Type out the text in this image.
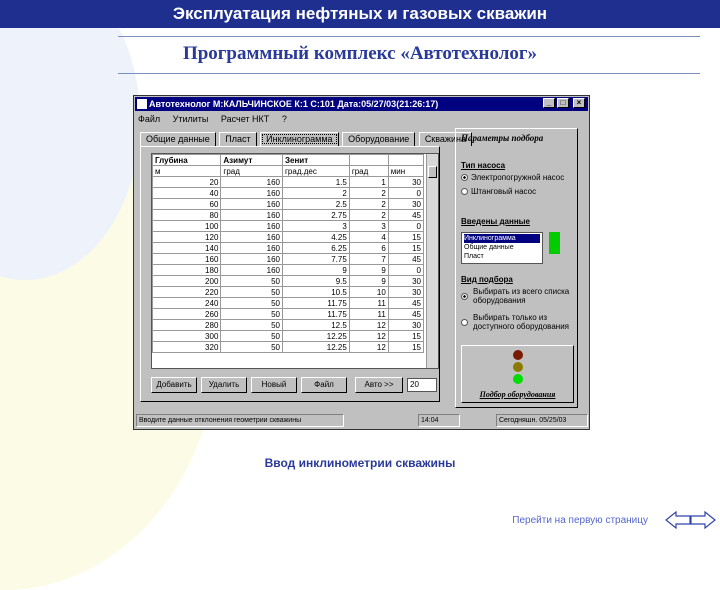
Эксплуатация нефтяных и газовых скважин
Программный комплекс «Автотехнолог»
Автотехнолог М:КАЛЬЧИНСКОЕ К:1 С:101 Дата:05/27/03(21:26:17)	_	□	×
Файл Утилиты Расчет НКТ ?
Общие данные Пласт Инклинограмма Оборудование Скважина
Глубина	Азимут	Зенит		
м	град	град.дес	град	мин
20	160	1.5	1	30
40	160	2	2	0
60	160	2.5	2	30
80	160	2.75	2	45
100	160	3	3	0
120	160	4.25	4	15
140	160	6.25	6	15
160	160	7.75	7	45
180	160	9	9	0
200	50	9.5	9	30
220	50	10.5	10	30
240	50	11.75	11	45
260	50	11.75	11	45
280	50	12.5	12	30
300	50	12.25	12	15
320	50	12.25	12	15
Добавить	Удалить	Новый	Файл	Авто >>	20
Параметры подбора
Тип насоса
Электропогружной насос
Штанговый насос
Введены данные
Инклинограмма
Общие данные
Пласт
Вид подбора
Выбирать из всего списка оборудования
Выбирать только из доступного оборудования
Подбор оборудования
Вводите данные отклонения геометрии скважины	14:04	Сегодняшн. 05/25/03
Ввод инклинометрии скважины
Перейти на первую страницу
